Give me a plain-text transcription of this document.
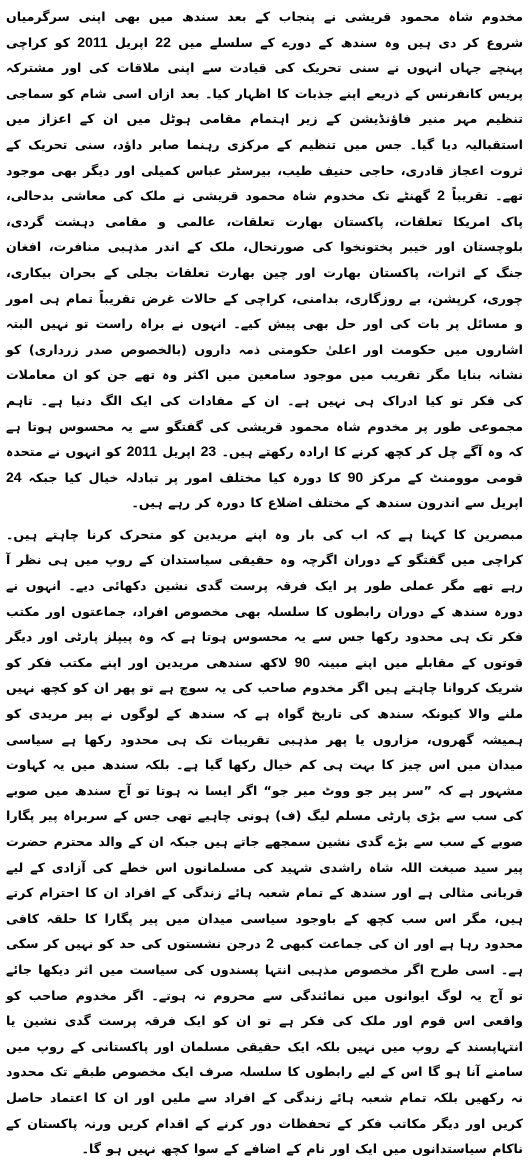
مخدوم شاہ محمود قریشی نے پنجاب کے بعد سندھ میں بھی اپنی سرگرمیاں شروع کر دی ہیں وہ سندھ کے دورے کے سلسلے میں 22 اپریل 2011 کو کراچی پہنچے جہاں انہوں نے سنی تحریک کی قیادت سے اپنی ملاقات کی اور مشترکہ پریس کانفرنس کے ذریعے اپنے جذبات کا اظہار کیا۔ بعد ازاں اسی شام کو سماجی تنظیم مہر منیر فاؤنڈیشن کے زیر اہتمام مقامی ہوٹل میں ان کے اعزاز میں استقبالیہ دیا گیا۔ جس میں تنظیم کے مرکزی رہنما صابر داؤد، سنی تحریک کے ثروت اعجاز قادری، حاجی حنیف طیب، بیرسٹر عباس کمیلی اور دیگر بھی موجود تھے۔ تقریباً 2 گھنٹے تک مخدوم شاہ محمود قریشی نے ملک کی معاشی بدحالی، پاک امریکا تعلقات، پاکستان بھارت تعلقات، عالمی و مقامی دہشت گردی، بلوچستان اور خیبر پختونخوا کی صورتحال، ملک کے اندر مذہبی منافرت، افغان جنگ کے اثرات، پاکستان بھارت اور چین بھارت تعلقات بجلی کے بحران بیکاری، چوری، کرپشن، بے روزگاری، بدامنی، کراچی کے حالات غرض تقریباً تمام ہی امور و مسائل پر بات کی اور حل بھی پیش کیے۔ انہوں نے براہ راست تو نہیں البتہ اشاروں میں حکومت اور اعلیٰ حکومتی ذمہ داروں (بالخصوص صدر زرداری) کو نشانہ بنایا مگر تقریب میں موجود سامعین میں اکثر وہ تھے جن کو ان معاملات کی فکر تو کیا ادراک ہی نہیں ہے۔ ان کے مفادات کی ایک الگ دنیا ہے۔ تاہم مجموعی طور پر مخدوم شاہ محمود قریشی کی گفتگو سے یہ محسوس ہوتا ہے کہ وہ آگے چل کر کچھ کرنے کا ارادہ رکھتے ہیں۔ 23 اپریل 2011 کو انہوں نے متحدہ قومی موومنٹ کے مرکز 90 کا دورہ کیا مختلف امور پر تبادلہ خیال کیا جبکہ 24 اپریل سے اندرون سندھ کے مختلف اضلاع کا دورہ کر رہے ہیں۔

مبصرین کا کہنا ہے کہ اب کی بار وہ اپنے مریدین کو متحرک کرنا چاہتے ہیں۔ کراچی میں گفتگو کے دوران اگرچہ وہ حقیقی سیاستدان کے روپ میں ہی نظر آ رہے تھے مگر عملی طور پر ایک فرقہ پرست گدی نشین دکھائی دیے۔ انہوں نے دورہ سندھ کے دوران رابطوں کا سلسلہ بھی مخصوص افراد، جماعتوں اور مکتب فکر تک ہی محدود رکھا جس سے یہ محسوس ہوتا ہے کہ وہ پیپلز پارٹی اور دیگر قوتوں کے مقابلے میں اپنے مبینہ 90 لاکھ سندھی مریدین اور اپنے مکتب فکر کو شریک کروانا چاہتے ہیں اگر مخدوم صاحب کی یہ سوچ ہے تو پھر ان کو کچھ نہیں ملنے والا کیونکہ سندھ کی تاریخ گواہ ہے کہ سندھ کے لوگوں نے پیر مریدی کو ہمیشہ گھروں، مزاروں یا پھر مذہبی تقریبات تک ہی محدود رکھا ہے سیاسی میدان میں اس چیز کا بہت ہی کم خیال رکھا گیا ہے۔ بلکہ سندھ میں یہ کہاوت مشہور ہے کہ ”سر پیر جو ووٹ میر جو“ اگر ایسا نہ ہوتا تو آج سندھ میں صوبے کی سب سے بڑی پارٹی مسلم لیگ (ف) ہونی چاہیے تھی جس کے سربراہ پیر پگارا صوبے کے سب سے بڑے گدی نشین سمجھے جاتے ہیں جبکہ ان کے والد محترم حضرت پیر سید صبغت اللہ شاہ راشدی شہید کی مسلمانوں اس خطے کی آزادی کے لیے قربانی مثالی ہے اور سندھ کے تمام شعبہ ہائے زندگی کے افراد ان کا احترام کرتے ہیں، مگر اس سب کچھ کے باوجود سیاسی میدان میں پیر پگارا کا حلقہ کافی محدود رہا ہے اور ان کی جماعت کبھی 2 درجن نشستوں کی حد کو نہیں کر سکی ہے۔ اسی طرح اگر مخصوص مذہبی انتہا پسندوں کی سیاست میں اثر دیکھا جائے تو آج یہ لوگ ایوانوں میں نمائندگی سے محروم نہ ہوتے۔ اگر مخدوم صاحب کو واقعی اس قوم اور ملک کی فکر ہے تو ان کو ایک فرقہ پرست گدی نشین یا انتہاپسند کے روپ میں نہیں بلکہ ایک حقیقی مسلمان اور پاکستانی کے روپ میں سامنے آنا ہو گا اس کے لیے رابطوں کا سلسلہ صرف ایک مخصوص طبقے تک محدود نہ رکھیں بلکہ تمام شعبہ ہائے زندگی کے افراد سے ملیں اور ان کا اعتماد حاصل کریں اور دیگر مکاتب فکر کے تحفظات دور کرنے کے اقدام کریں ورنہ پاکستان کے ناکام سیاستدانوں میں ایک اور نام کے اضافے کے سوا کچھ نہیں ہو گا۔
